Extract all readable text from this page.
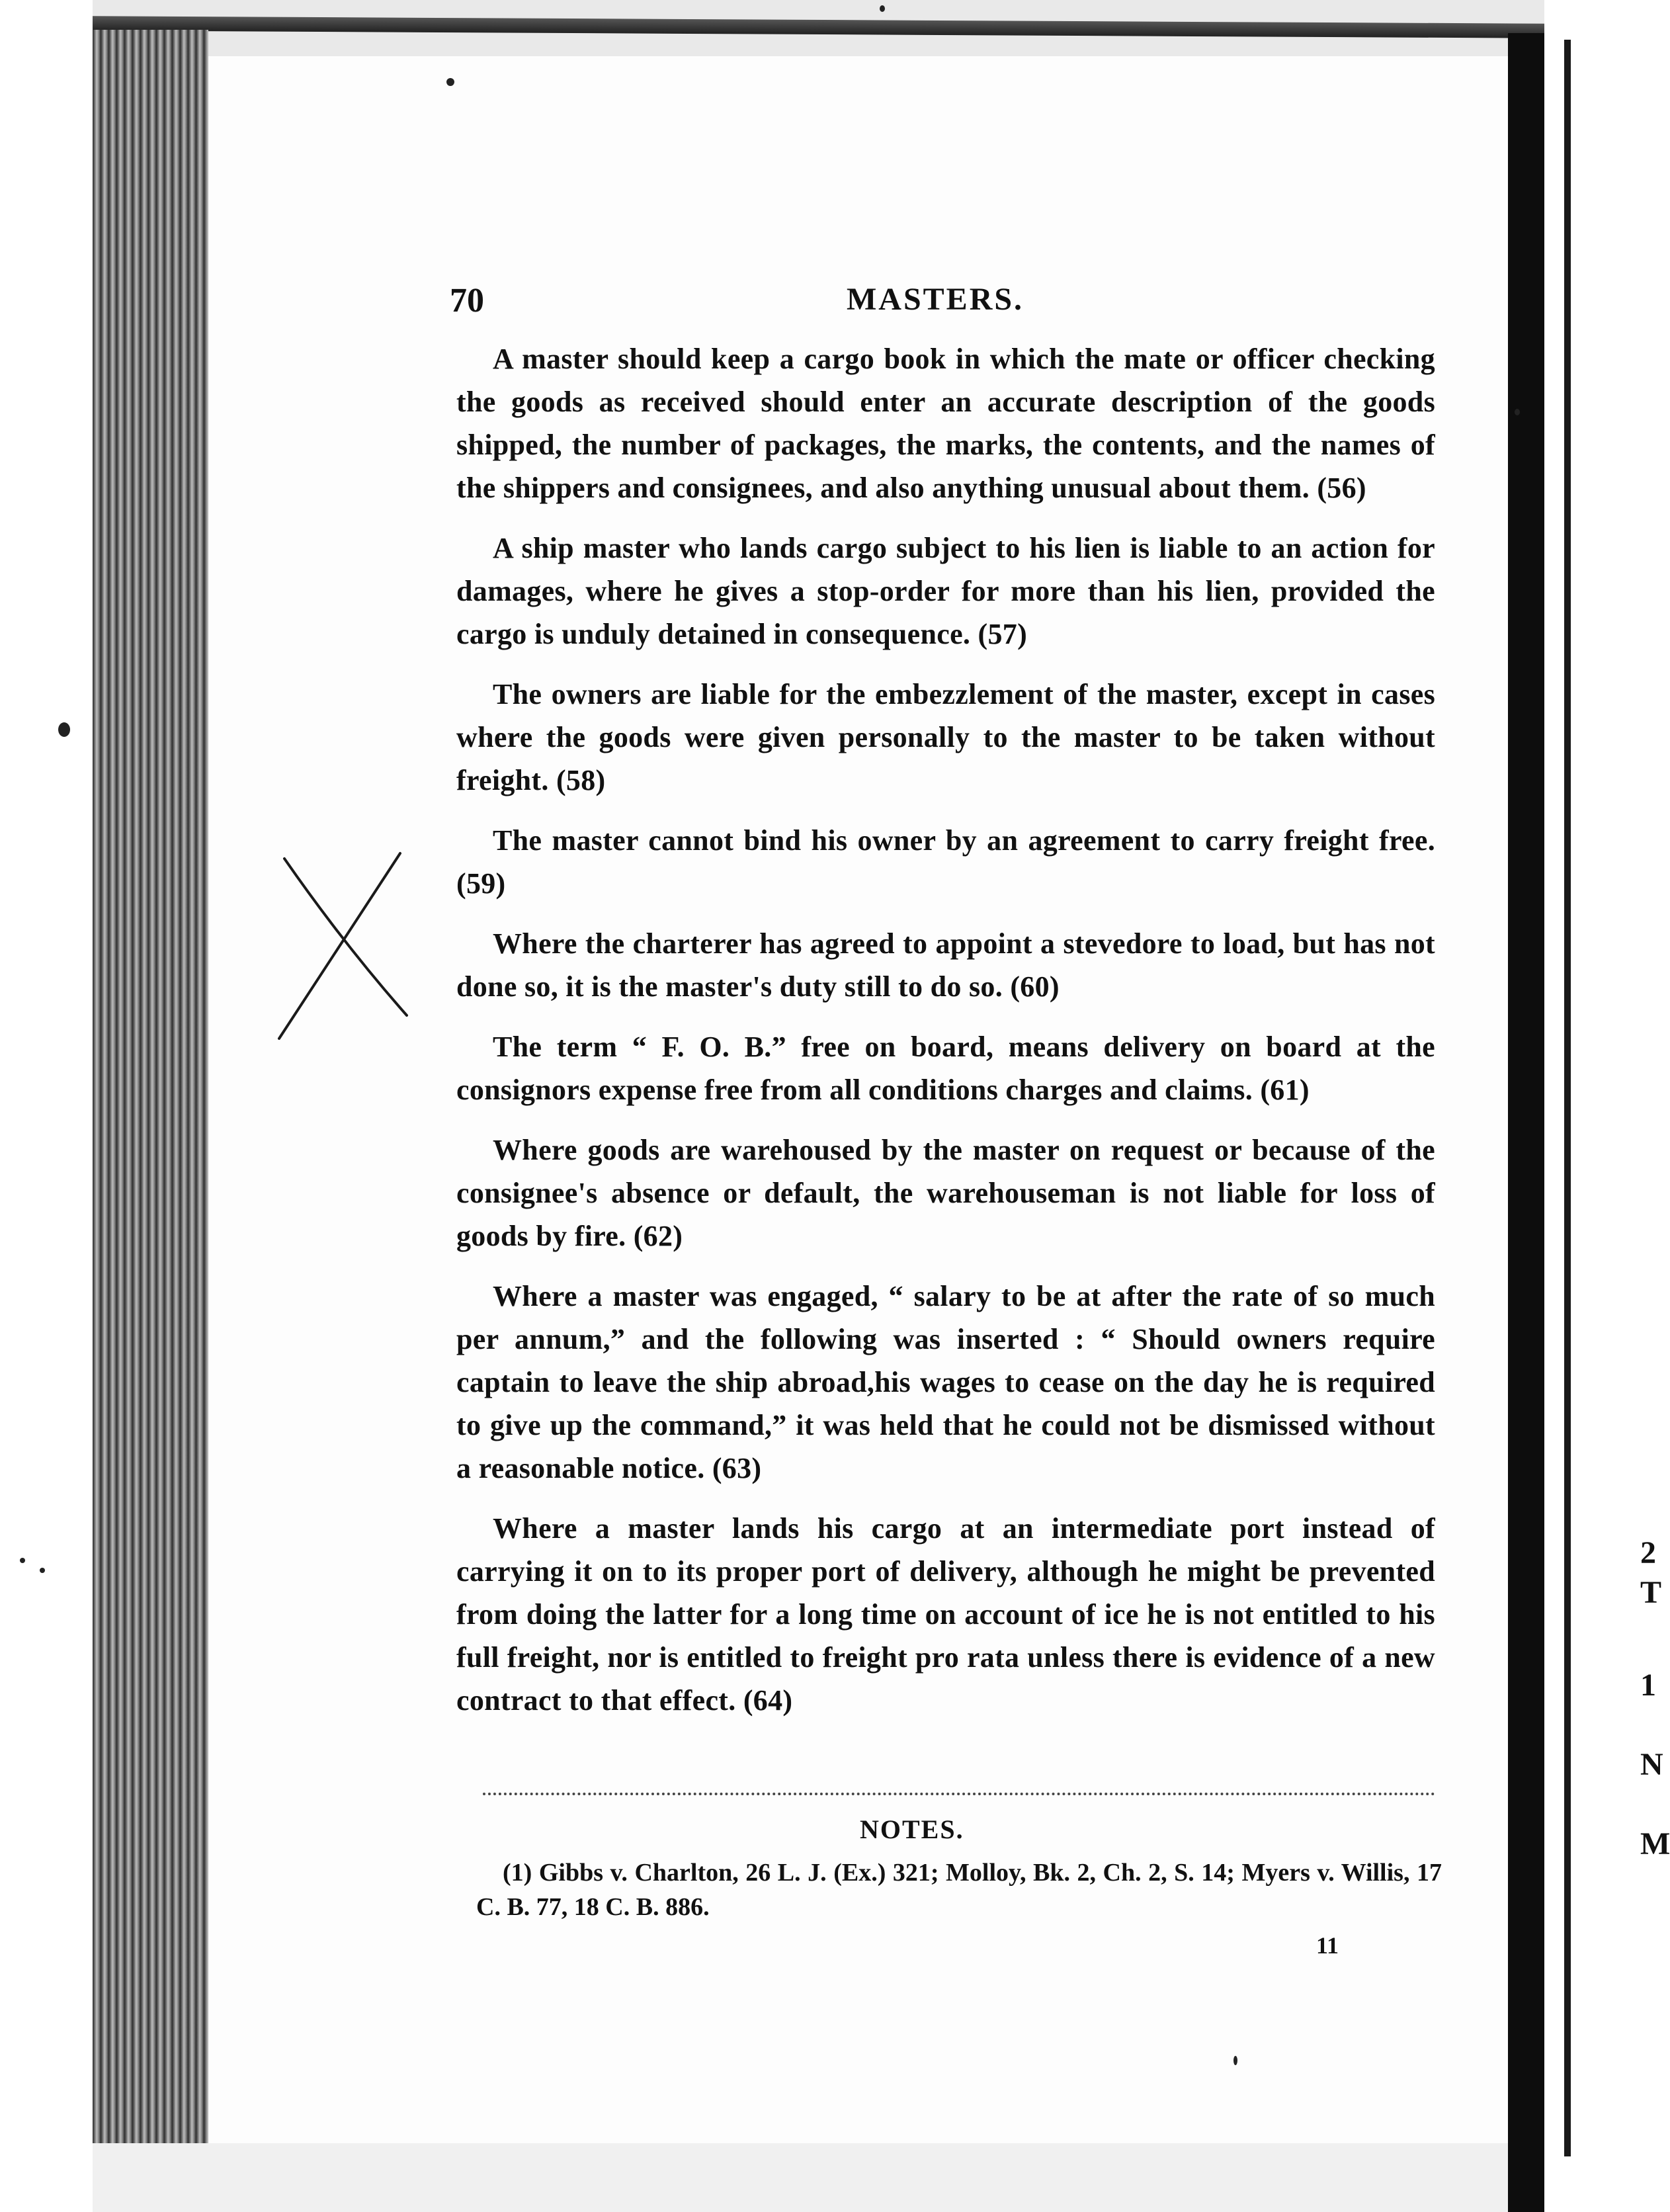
2
T
1
N
M
70	MASTERS.

A master should keep a cargo book in which the mate or officer checking the goods as received should enter an accurate description of the goods shipped, the number of packages, the marks, the contents, and the names of the shippers and consignees, and also anything unusual about them. (56)

A ship master who lands cargo subject to his lien is liable to an action for damages, where he gives a stop-order for more than his lien, provided the cargo is unduly detained in consequence. (57)

The owners are liable for the embezzlement of the master, except in cases where the goods were given personally to the master to be taken without freight. (58)

The master cannot bind his owner by an agreement to carry freight free. (59)

Where the charterer has agreed to appoint a stevedore to load, but has not done so, it is the master's duty still to do so. (60)

The term “ F. O. B.” free on board, means delivery on board at the consignors expense free from all conditions charges and claims. (61)

Where goods are warehoused by the master on request or because of the consignee's absence or default, the warehouseman is not liable for loss of goods by fire. (62)

Where a master was engaged, “ salary to be at after the rate of so much per annum,” and the following was inserted : “ Should owners require captain to leave the ship abroad,his wages to cease on the day he is required to give up the command,” it was held that he could not be dismissed without a reasonable notice. (63)

Where a master lands his cargo at an intermediate port instead of carrying it on to its proper port of delivery, although he might be prevented from doing the latter for a long time on account of ice he is not entitled to his full freight, nor is entitled to freight pro rata unless there is evidence of a new contract to that effect. (64)

NOTES.
(1) Gibbs v. Charlton, 26 L. J. (Ex.) 321; Molloy, Bk. 2, Ch. 2, S. 14; Myers v. Willis, 17 C. B. 77, 18 C. B. 886.
11
